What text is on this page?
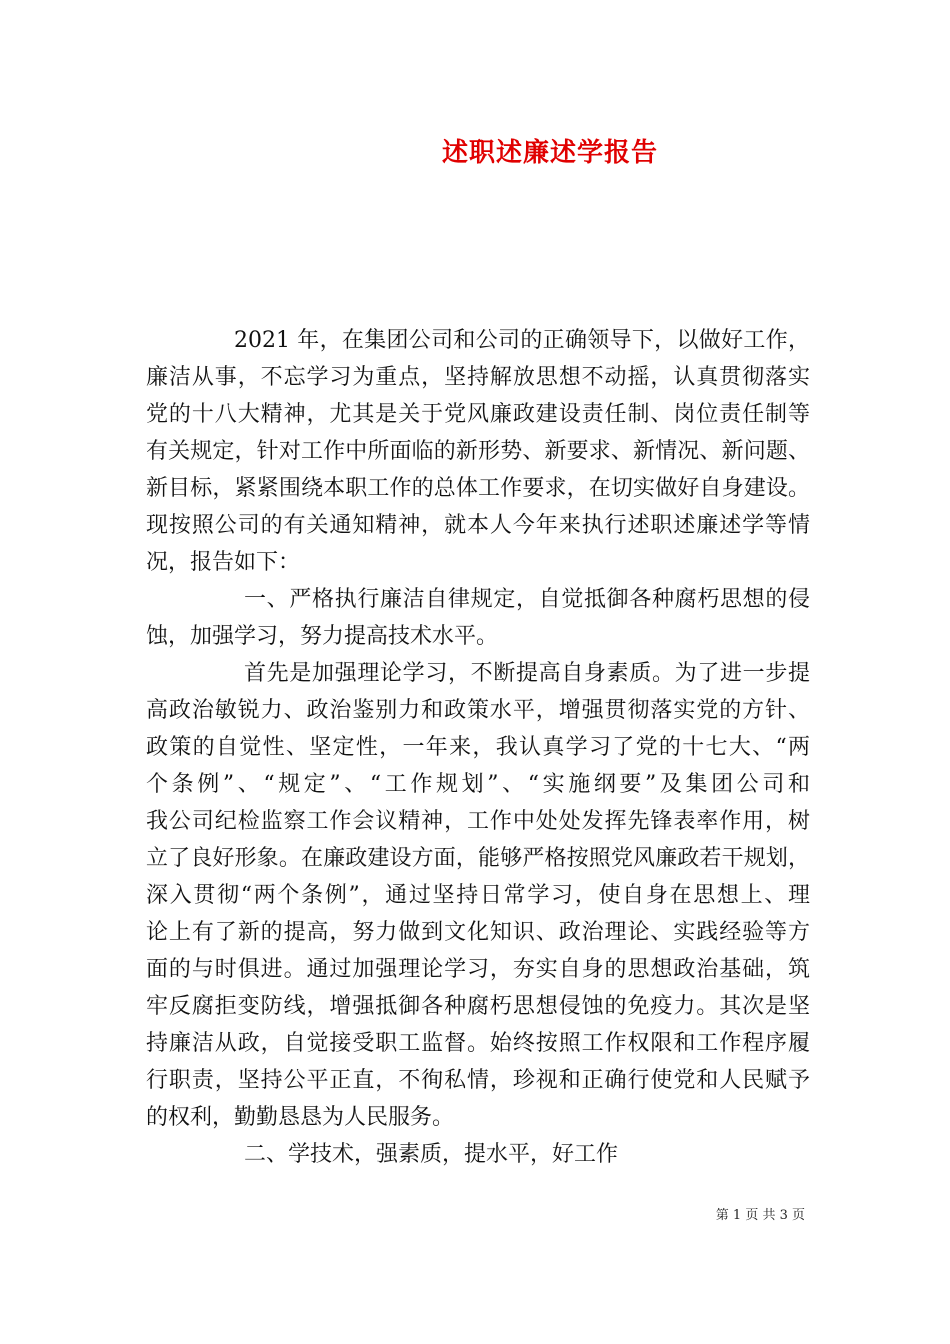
述职述廉述学报告
2021 年，在集团公司和公司的正确领导下，以做好工作，
廉洁从事，不忘学习为重点，坚持解放思想不动摇，认真贯彻落实
党的十八大精神，尤其是关于党风廉政建设责任制、岗位责任制等
有关规定，针对工作中所面临的新形势、新要求、新情况、新问题、
新目标，紧紧围绕本职工作的总体工作要求，在切实做好自身建设。
现按照公司的有关通知精神，就本人今年来执行述职述廉述学等情
况，报告如下：
一、严格执行廉洁自律规定，自觉抵御各种腐朽思想的侵
蚀，加强学习，努力提高技术水平。
首先是加强理论学习，不断提高自身素质。为了进一步提
高政治敏锐力、政治鉴别力和政策水平，增强贯彻落实党的方针、
政策的自觉性、坚定性，一年来，我认真学习了党的十七大、“两
个条例”、“规定”、“工作规划”、“实施纲要”及集团公司和
我公司纪检监察工作会议精神，工作中处处发挥先锋表率作用，树
立了良好形象。在廉政建设方面，能够严格按照党风廉政若干规划，
深入贯彻“两个条例”，通过坚持日常学习，使自身在思想上、理
论上有了新的提高，努力做到文化知识、政治理论、实践经验等方
面的与时俱进。通过加强理论学习，夯实自身的思想政治基础，筑
牢反腐拒变防线，增强抵御各种腐朽思想侵蚀的免疫力。其次是坚
持廉洁从政，自觉接受职工监督。始终按照工作权限和工作程序履
行职责，坚持公平正直，不徇私情，珍视和正确行使党和人民赋予
的权利，勤勤恳恳为人民服务。
二、学技术，强素质，提水平，好工作
第 1 页 共 3 页
